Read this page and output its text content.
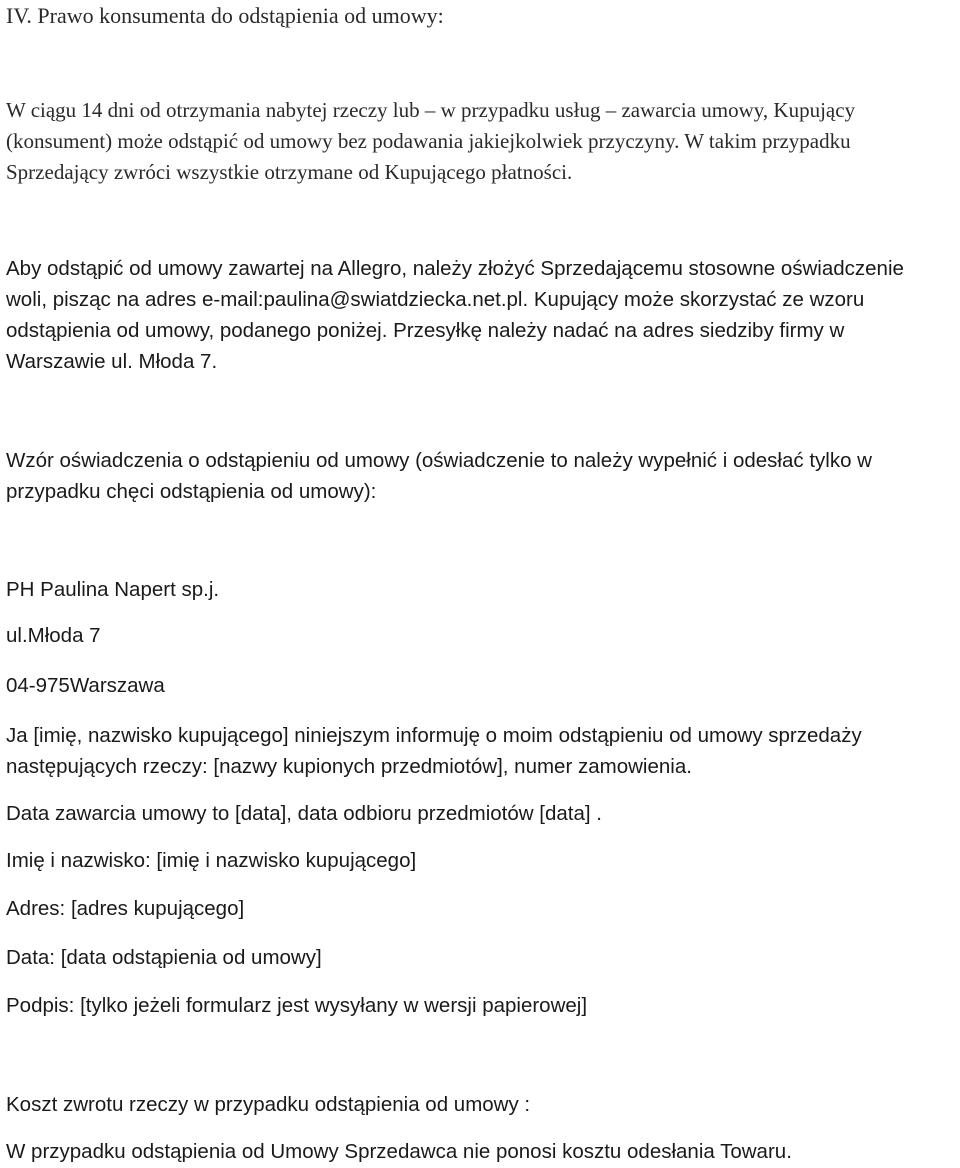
IV. Prawo konsumenta do odstąpienia od umowy:

W ciągu 14 dni od otrzymania nabytej rzeczy lub – w przypadku usług – zawarcia umowy, Kupujący

(konsument) może odstąpić od umowy bez podawania jakiejkolwiek przyczyny. W takim przypadku

Sprzedający zwróci wszystkie otrzymane od Kupującego płatności.

Aby odstąpić od umowy zawartej na Allegro, należy złożyć Sprzedającemu stosowne oświadczenie

woli, pisząc na adres e-mail:paulina@swiatdziecka.net.pl. Kupujący może skorzystać ze wzoru

odstąpienia od umowy, podanego poniżej. Przesyłkę należy nadać na adres siedziby firmy w

Warszawie ul. Młoda 7.

Wzór oświadczenia o odstąpieniu od umowy (oświadczenie to należy wypełnić i odesłać tylko w

przypadku chęci odstąpienia od umowy):

PH Paulina Napert sp.j.

ul.Młoda 7

04-975Warszawa

Ja [imię, nazwisko kupującego] niniejszym informuję o moim odstąpieniu od umowy sprzedaży

następujących rzeczy: [nazwy kupionych przedmiotów], numer zamowienia.

Data zawarcia umowy to [data], data odbioru przedmiotów [data] .

Imię i nazwisko: [imię i nazwisko kupującego]

Adres: [adres kupującego]

Data: [data odstąpienia od umowy]

Podpis: [tylko jeżeli formularz jest wysyłany w wersji papierowej]

Koszt zwrotu rzeczy w przypadku odstąpienia od umowy :

W przypadku odstąpienia od Umowy Sprzedawca nie ponosi kosztu odesłania Towaru.
